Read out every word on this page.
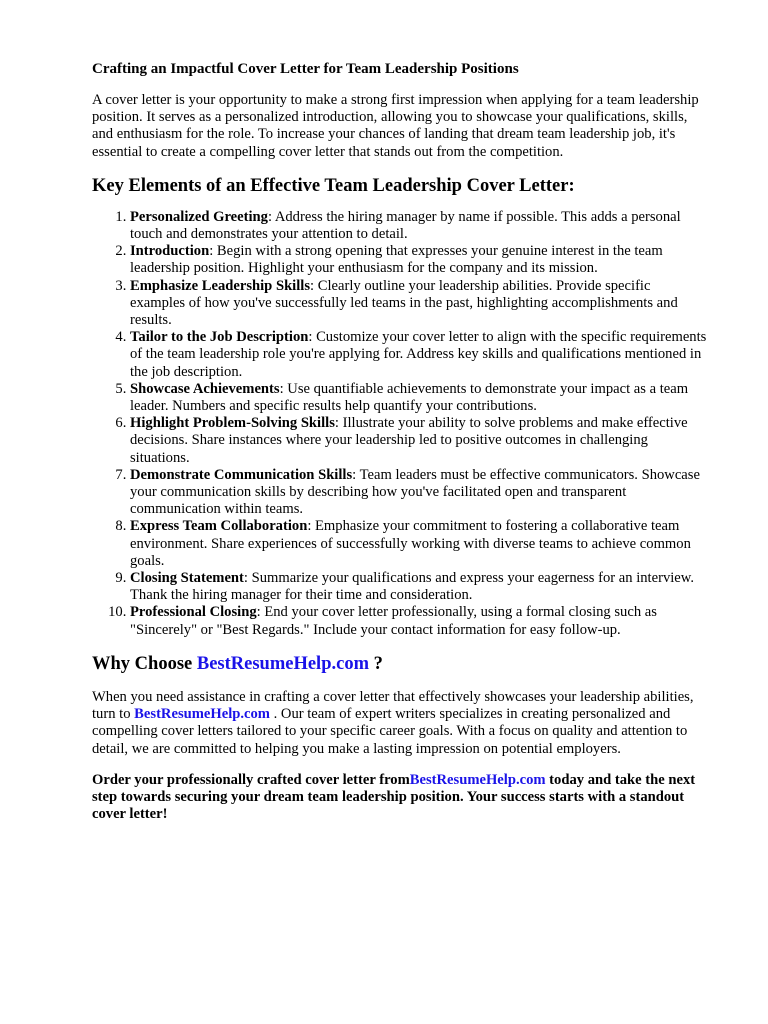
Crafting an Impactful Cover Letter for Team Leadership Positions

A cover letter is your opportunity to make a strong first impression when applying for a team leadership position. It serves as a personalized introduction, allowing you to showcase your qualifications, skills, and enthusiasm for the role. To increase your chances of landing that dream team leadership job, it's essential to create a compelling cover letter that stands out from the competition.

Key Elements of an Effective Team Leadership Cover Letter:
1. Personalized Greeting: Address the hiring manager by name if possible. This adds a personal touch and demonstrates your attention to detail.
2. Introduction: Begin with a strong opening that expresses your genuine interest in the team leadership position. Highlight your enthusiasm for the company and its mission.
3. Emphasize Leadership Skills: Clearly outline your leadership abilities. Provide specific examples of how you've successfully led teams in the past, highlighting accomplishments and results.
4. Tailor to the Job Description: Customize your cover letter to align with the specific requirements of the team leadership role you're applying for. Address key skills and qualifications mentioned in the job description.
5. Showcase Achievements: Use quantifiable achievements to demonstrate your impact as a team leader. Numbers and specific results help quantify your contributions.
6. Highlight Problem-Solving Skills: Illustrate your ability to solve problems and make effective decisions. Share instances where your leadership led to positive outcomes in challenging situations.
7. Demonstrate Communication Skills: Team leaders must be effective communicators. Showcase your communication skills by describing how you've facilitated open and transparent communication within teams.
8. Express Team Collaboration: Emphasize your commitment to fostering a collaborative team environment. Share experiences of successfully working with diverse teams to achieve common goals.
9. Closing Statement: Summarize your qualifications and express your eagerness for an interview. Thank the hiring manager for their time and consideration.
10. Professional Closing: End your cover letter professionally, using a formal closing such as "Sincerely" or "Best Regards." Include your contact information for easy follow-up.
Why Choose BestResumeHelp.com ?

When you need assistance in crafting a cover letter that effectively showcases your leadership abilities, turn to BestResumeHelp.com . Our team of expert writers specializes in creating personalized and compelling cover letters tailored to your specific career goals. With a focus on quality and attention to detail, we are committed to helping you make a lasting impression on potential employers.

Order your professionally crafted cover letter fromBestResumeHelp.com today and take the next step towards securing your dream team leadership position. Your success starts with a standout cover letter!
